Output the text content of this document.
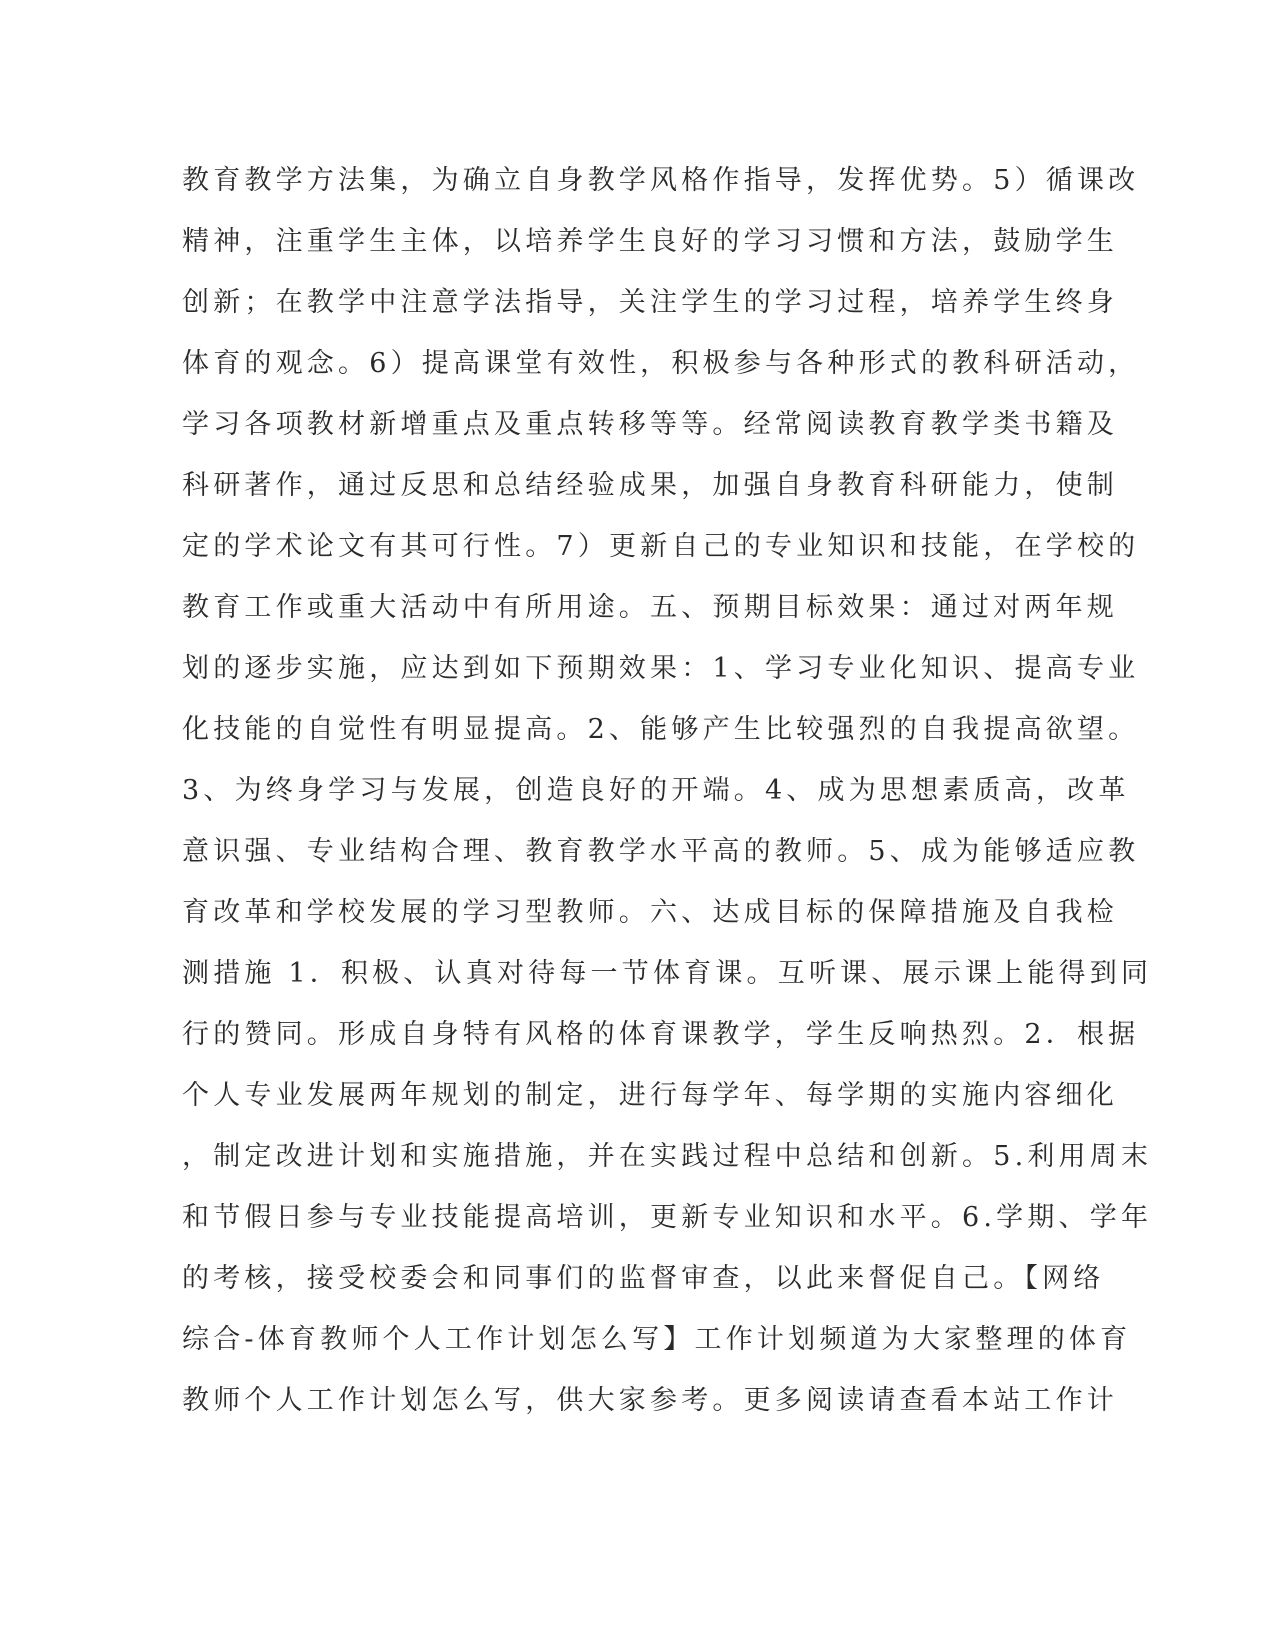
教育教学方法集，为确立自身教学风格作指导，发挥优势。5）循课改
精神，注重学生主体，以培养学生良好的学习习惯和方法，鼓励学生
创新；在教学中注意学法指导，关注学生的学习过程，培养学生终身
体育的观念。6）提高课堂有效性，积极参与各种形式的教科研活动，
学习各项教材新增重点及重点转移等等。经常阅读教育教学类书籍及
科研著作，通过反思和总结经验成果，加强自身教育科研能力，使制
定的学术论文有其可行性。7）更新自己的专业知识和技能，在学校的
教育工作或重大活动中有所用途。五、预期目标效果：通过对两年规
划的逐步实施，应达到如下预期效果：1、学习专业化知识、提高专业
化技能的自觉性有明显提高。2、能够产生比较强烈的自我提高欲望。
3、为终身学习与发展，创造良好的开端。4、成为思想素质高，改革
意识强、专业结构合理、教育教学水平高的教师。5、成为能够适应教
育改革和学校发展的学习型教师。六、达成目标的保障措施及自我检
测措施 1．积极、认真对待每一节体育课。互听课、展示课上能得到同
行的赞同。形成自身特有风格的体育课教学，学生反响热烈。2．根据
个人专业发展两年规划的制定，进行每学年、每学期的实施内容细化
，制定改进计划和实施措施，并在实践过程中总结和创新。5.利用周末
和节假日参与专业技能提高培训，更新专业知识和水平。6.学期、学年
的考核，接受校委会和同事们的监督审查，以此来督促自己。【网络
综合-体育教师个人工作计划怎么写】工作计划频道为大家整理的体育
教师个人工作计划怎么写，供大家参考。更多阅读请查看本站工作计
